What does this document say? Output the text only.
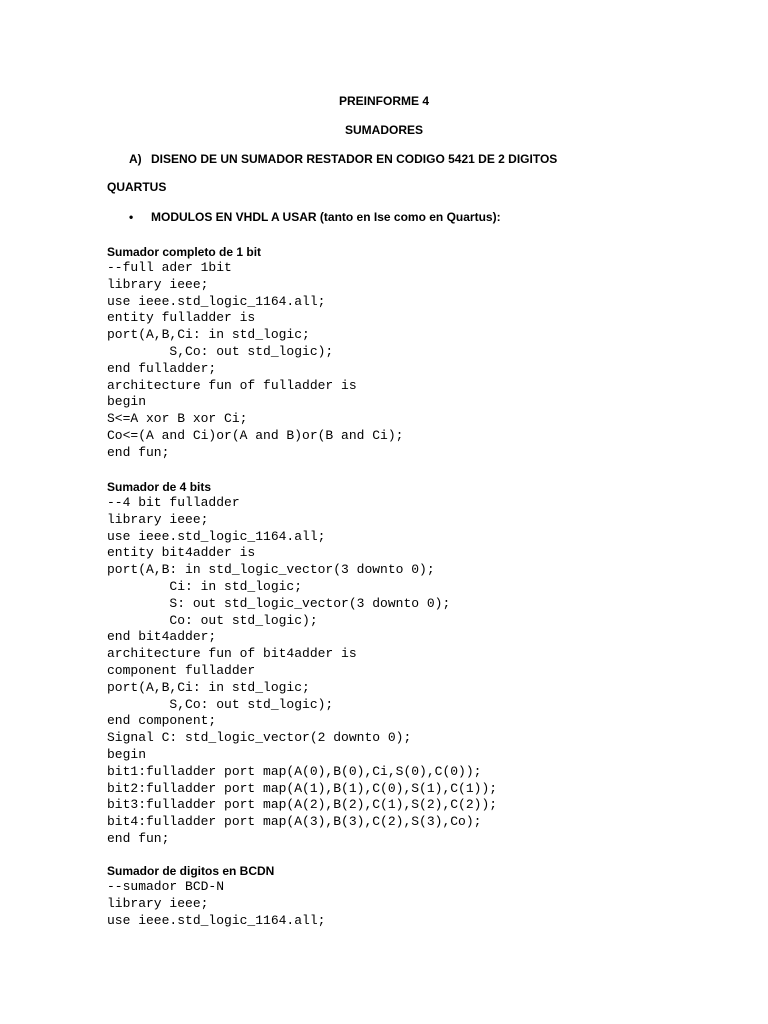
PREINFORME 4
SUMADORES
A) DISENO DE UN SUMADOR RESTADOR EN CODIGO 5421 DE 2 DIGITOS
QUARTUS
• MODULOS EN VHDL A USAR (tanto en Ise como en Quartus):
Sumador completo de 1 bit
--full ader 1bit
library ieee;
use ieee.std_logic_1164.all;
entity fulladder is
port(A,B,Ci: in std_logic;
S,Co: out std_logic);
end fulladder;
architecture fun of fulladder is
begin
S<=A xor B xor Ci;
Co<=(A and Ci)or(A and B)or(B and Ci);
end fun;
Sumador de 4 bits
--4 bit fulladder
library ieee;
use ieee.std_logic_1164.all;
entity bit4adder is
port(A,B: in std_logic_vector(3 downto 0);
Ci: in std_logic;
S: out std_logic_vector(3 downto 0);
Co: out std_logic);
end bit4adder;
architecture fun of bit4adder is
component fulladder
port(A,B,Ci: in std_logic;
S,Co: out std_logic);
end component;
Signal C: std_logic_vector(2 downto 0);
begin
bit1:fulladder port map(A(0),B(0),Ci,S(0),C(0));
bit2:fulladder port map(A(1),B(1),C(0),S(1),C(1));
bit3:fulladder port map(A(2),B(2),C(1),S(2),C(2));
bit4:fulladder port map(A(3),B(3),C(2),S(3),Co);
end fun;
Sumador de digitos en BCDN
--sumador BCD-N
library ieee;
use ieee.std_logic_1164.all;
